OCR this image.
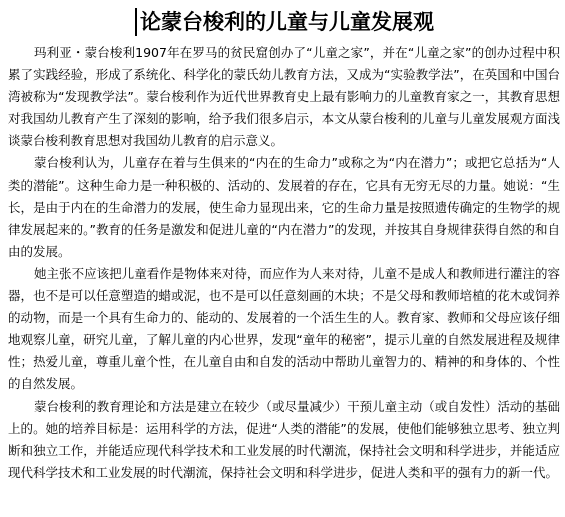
论蒙台梭利的儿童与儿童发展观

玛利亚・蒙台梭利1907年在罗马的贫民窟创办了“儿童之家”，并在“儿童之家”的创办过程中积累了实践经验，形成了系统化、科学化的蒙氏幼儿教育方法，又成为“实验教学法”，在英国和中国台湾被称为“发现教学法”。蒙台梭利作为近代世界教育史上最有影响力的儿童教育家之一，其教育思想对我国幼儿教育产生了深刻的影响，给予我们很多启示，本文从蒙台梭利的儿童与儿童发展观方面浅谈蒙台梭利教育思想对我国幼儿教育的启示意义。

蒙台梭利认为，儿童存在着与生俱来的“内在的生命力”或称之为“内在潜力”；或把它总括为“人类的潜能”。这种生命力是一种积极的、活动的、发展着的存在，它具有无穷无尽的力量。她说：“生长，是由于内在的生命潜力的发展，使生命力显现出来，它的生命力量是按照遗传确定的生物学的规律发展起来的。”教育的任务是激发和促进儿童的“内在潜力”的发现，并按其自身规律获得自然的和自由的发展。

她主张不应该把儿童看作是物体来对待，而应作为人来对待，儿童不是成人和教师进行灌注的容器，也不是可以任意塑造的蜡或泥，也不是可以任意刻画的木块；不是父母和教师培植的花木或饲养的动物，而是一个具有生命力的、能动的、发展着的一个活生生的人。教育家、教师和父母应该仔细地观察儿童，研究儿童，了解儿童的内心世界，发现“童年的秘密”，提示儿童的自然发展进程及规律性；热爱儿童，尊重儿童个性，在儿童自由和自发的活动中帮助儿童智力的、精神的和身体的、个性的自然发展。

蒙台梭利的教育理论和方法是建立在较少（或尽量减少）干预儿童主动（或自发性）活动的基础上的。她的培养目标是：运用科学的方法，促进“人类的潜能”的发展，使他们能够独立思考、独立判断和独立工作，并能适应现代科学技术和工业发展的时代潮流，保持社会文明和科学进步，并能适应现代科学技术和工业发展的时代潮流，保持社会文明和科学进步，促进人类和平的强有力的新一代。
